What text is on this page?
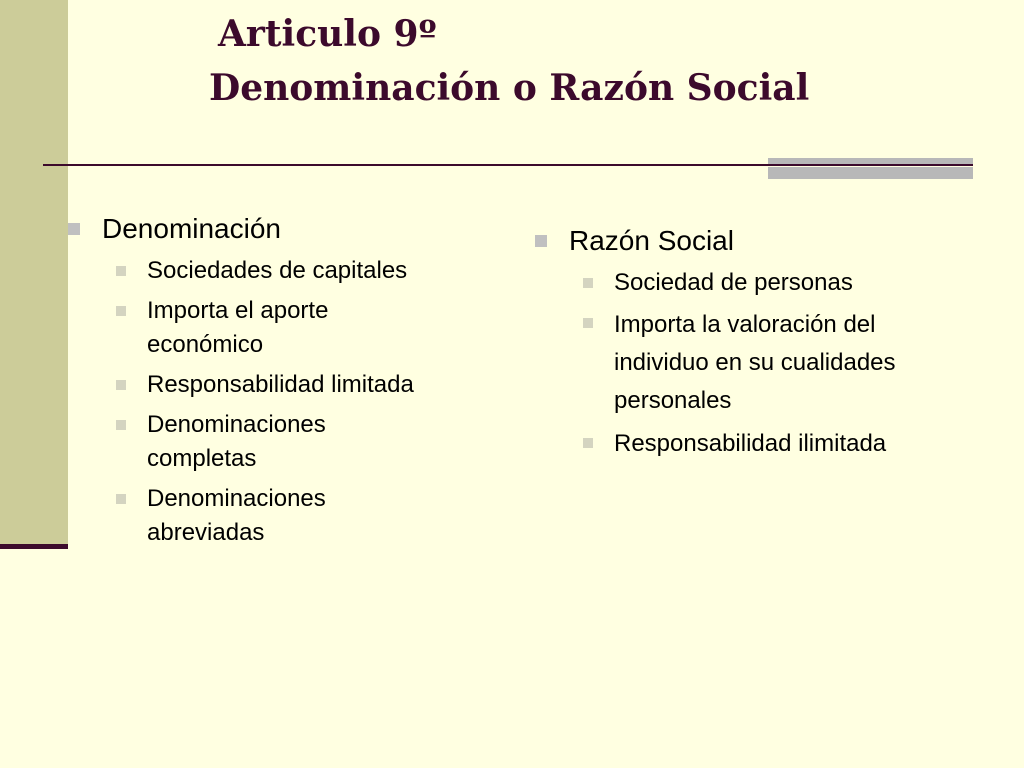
Articulo 9º
Denominación o Razón Social
Denominación
Sociedades de capitales
Importa el aporte económico
Responsabilidad limitada
Denominaciones completas
Denominaciones abreviadas
Razón Social
Sociedad de personas
Importa la valoración del individuo en su cualidades personales
Responsabilidad ilimitada
